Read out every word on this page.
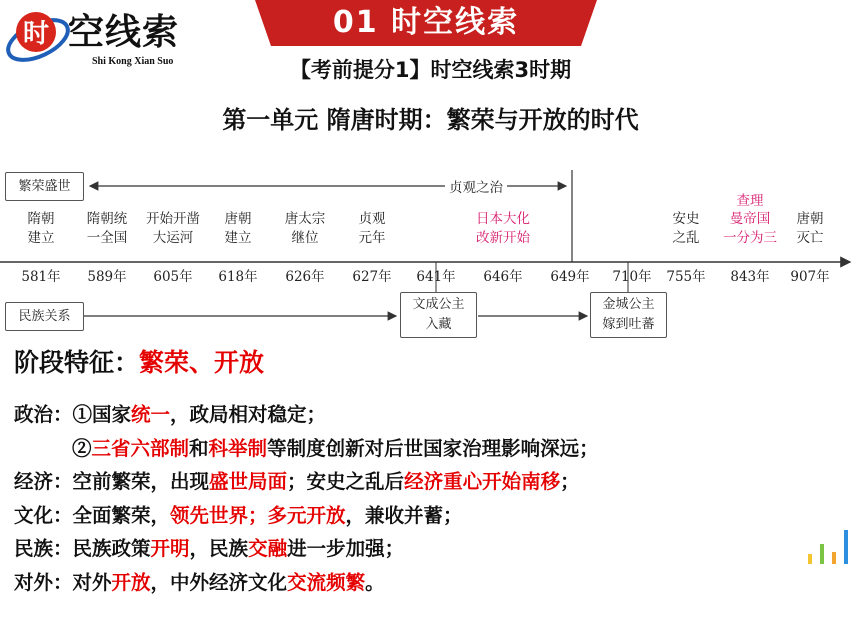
时 空线索
Shi Kong Xian Suo
01 时空线索
【考前提分1】时空线索3时期
第一单元 隋唐时期：繁荣与开放的时代
繁荣盛世	贞观之治
隋朝
建立
581年
隋朝统
一全国
589年
开始开凿
大运河
605年
唐朝
建立
618年
唐太宗
继位
626年
贞观
元年
627年	641年
日本大化
改新开始
646年	649年	710年
安史
之乱
755年
查理
曼帝国
一分为三
843年
唐朝
灭亡
907年
民族关系
文成公主
入藏
金城公主
嫁到吐蕃
阶段特征：繁荣、开放
政治：①国家统一，政局相对稳定；
②三省六部制和科举制等制度创新对后世国家治理影响深远；
经济：空前繁荣，出现盛世局面；安史之乱后经济重心开始南移；
文化：全面繁荣，领先世界；多元开放，兼收并蓄；
民族：民族政策开明，民族交融进一步加强；
对外：对外开放，中外经济文化交流频繁。
